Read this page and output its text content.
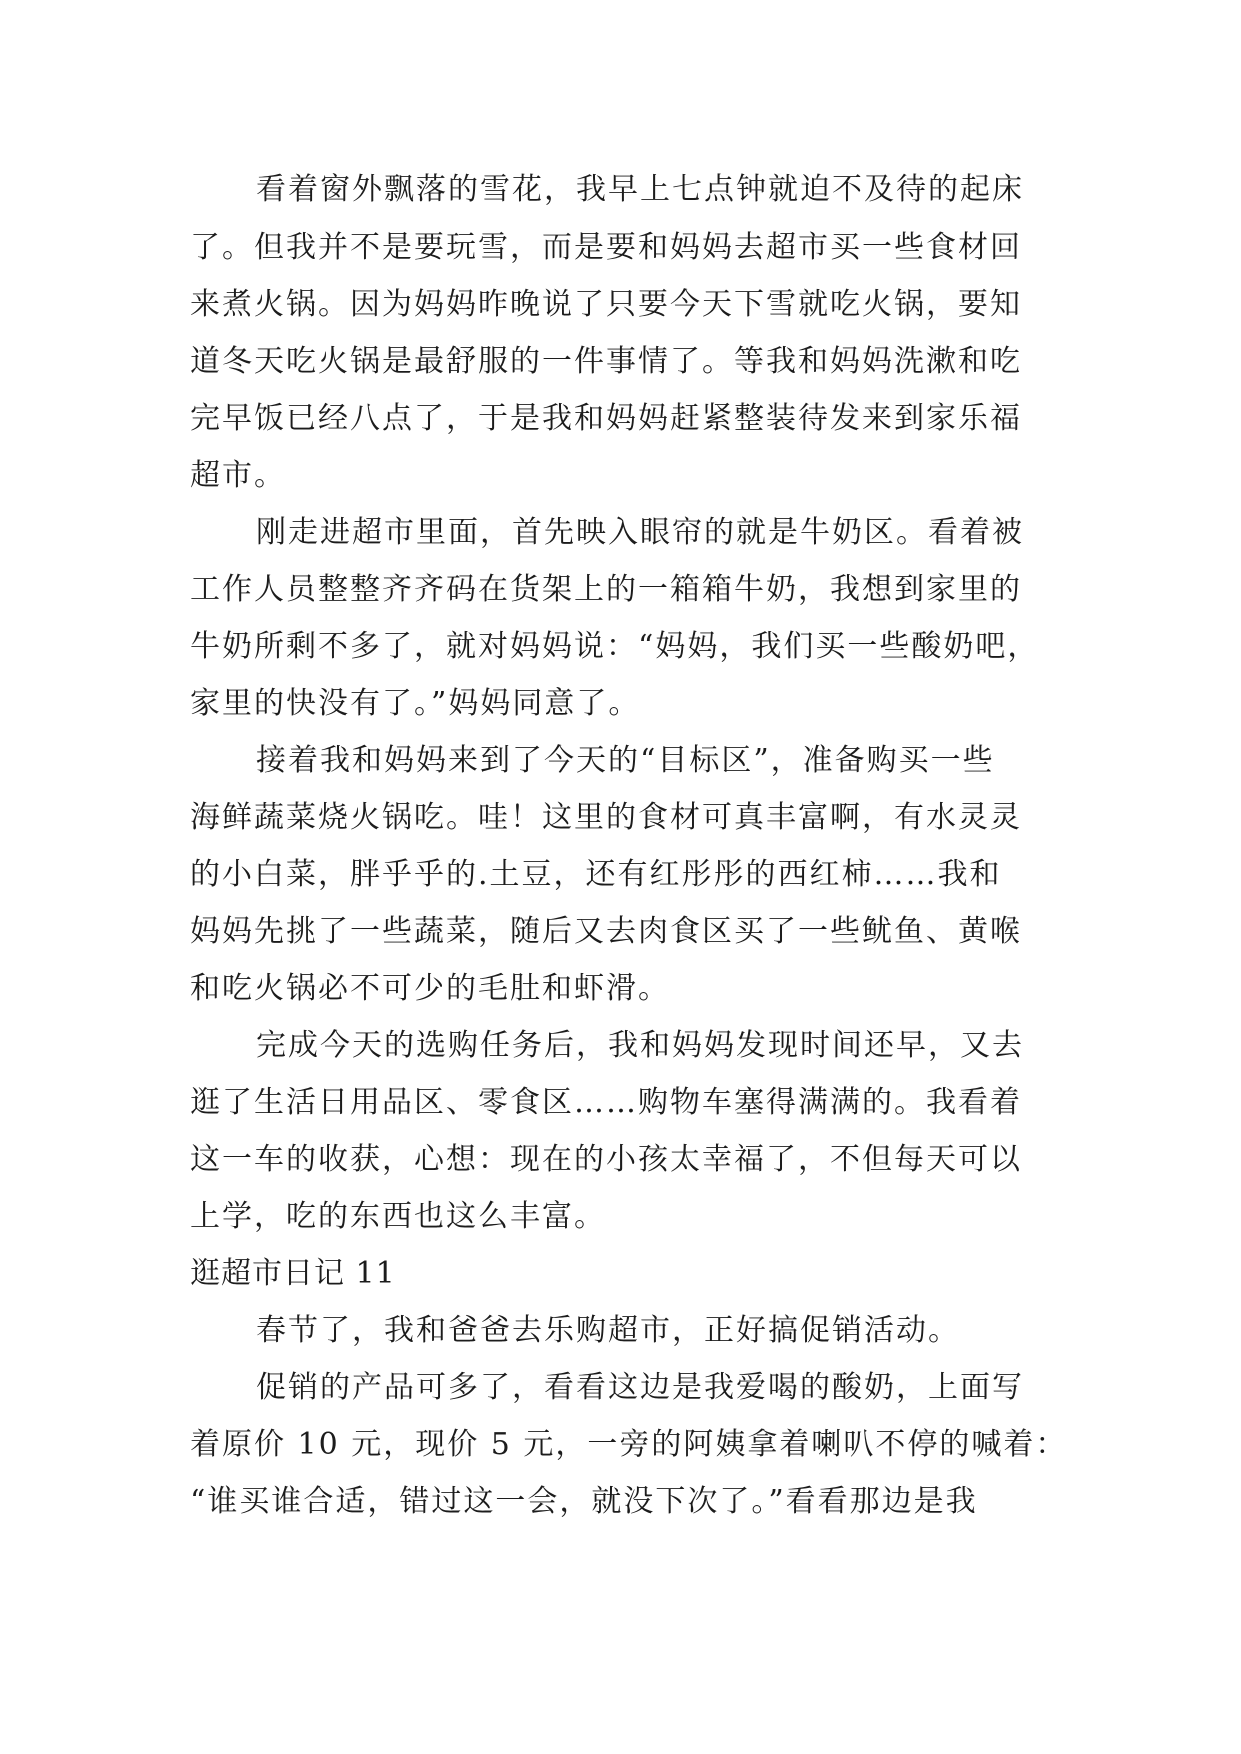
看着窗外飘落的雪花，我早上七点钟就迫不及待的起床
了。但我并不是要玩雪，而是要和妈妈去超市买一些食材回
来煮火锅。因为妈妈昨晚说了只要今天下雪就吃火锅，要知
道冬天吃火锅是最舒服的一件事情了。等我和妈妈洗漱和吃
完早饭已经八点了，于是我和妈妈赶紧整装待发来到家乐福
超市。
刚走进超市里面，首先映入眼帘的就是牛奶区。看着被
工作人员整整齐齐码在货架上的一箱箱牛奶，我想到家里的
牛奶所剩不多了，就对妈妈说：“妈妈，我们买一些酸奶吧，
家里的快没有了。”妈妈同意了。
接着我和妈妈来到了今天的“目标区”，准备购买一些
海鲜蔬菜烧火锅吃。哇！这里的食材可真丰富啊，有水灵灵
的小白菜，胖乎乎的.土豆，还有红彤彤的西红柿……我和
妈妈先挑了一些蔬菜，随后又去肉食区买了一些鱿鱼、黄喉
和吃火锅必不可少的毛肚和虾滑。
完成今天的选购任务后，我和妈妈发现时间还早，又去
逛了生活日用品区、零食区……购物车塞得满满的。我看着
这一车的收获，心想：现在的小孩太幸福了，不但每天可以
上学，吃的东西也这么丰富。
逛超市日记 11
春节了，我和爸爸去乐购超市，正好搞促销活动。
促销的产品可多了，看看这边是我爱喝的酸奶，上面写
着原价 10 元，现价 5 元，一旁的阿姨拿着喇叭不停的喊着：
“谁买谁合适，错过这一会，就没下次了。”看看那边是我
